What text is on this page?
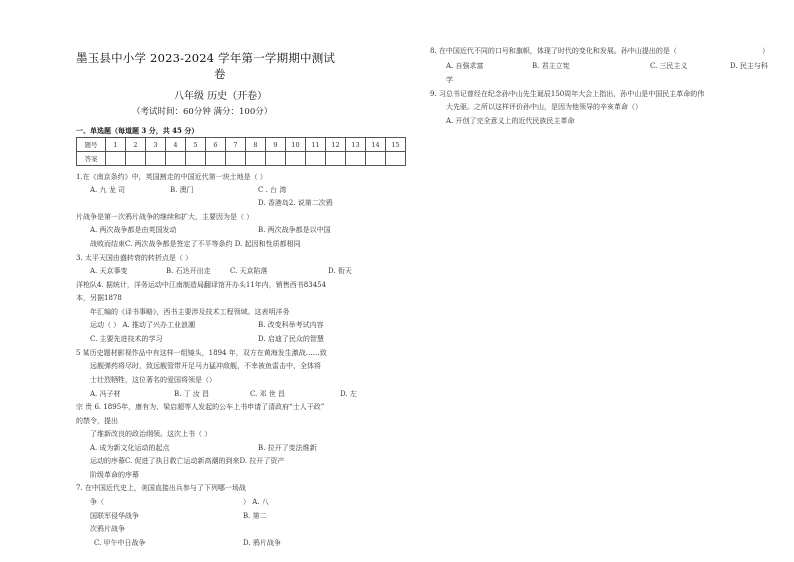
墨玉县中小学 2023-2024 学年第一学期期中测试
卷
八年级 历史（开卷）
（考试时间：60分钟 满分：100分）
一、单选题（每道题 3 分，共 45 分）
题号	1	2	3	4	5	6	7	8	9	10	11	12	13	14	15
答案															
1.在《南京条约》中，英国割走的中国近代第一块土地是（ ）
A. 九 龙 司	B. 澳门	C . 台 湾
D. 香港岛2. 说第二次鸦
片战争是第一次鸦片战争的继续和扩大，主要因为是（ ）
A. 两次战争都是由英国发动	B. 两次战争都是以中国
战败而结束C. 两次战争都是签定了不平等条约 D. 起因和性质都相同
3. 太平天国由盛转衰的转折点是（ ）
A. 天京事变	B. 石达开出走	C. 天京陷落	D. 衔天
洋枪队4. 据统计，洋务运动中江南制造局翻译馆开办头11年内，销售西书83454
本，另据1878
年汇编的《译书事略》，西书主要涉及技术工程领域。这表明洋务
运动（ ） A. 推动了兴办工业浪潮	B. 改变科举考试内容
C. 主要先进技术的学习	D. 启迪了民众的智慧
5 某历史题材影视作品中有这样一组镜头，1894 年，双方在黄海发生激战……致
远舰弹药将尽时，致远舰管带开足马力猛冲敌舰，不幸被鱼雷击中，全体将
士壮烈牺牲，这位著名的爱国将领是（）
A. 冯子材	B. 丁 汝 昌	C. 邓 世 昌	D. 左
宗 贵 6. 1895年，康有为、梁启超等人发起的公车上书申请了清政府“士人干政”
的禁令，提出
了维新改良的政治纲领。这次上书（ ）
A. 成为新文化运动的起点	B. 拉开了变法维新
运动的序幕C. 促进了执日救亡运动新高潮的到来D. 拉开了资产
阶级革命的序幕
7. 在中国近代史上，美国直接出兵参与了下列哪一场战
争（	） A. 八
国联军侵华战争	B. 第二
次鸦片战争
C. 甲午中日战争	D. 鸦片战争
8. 在中国近代不同的口号和旗帜，体现了时代的变化和发展。孙中山提出的是（	）
A. 自强求富	B. 君主立宪	C. 三民主义	D. 民主与科
学
9. 习总书记曾经在纪念孙中山先生诞辰150周年大会上指出，孙中山是中国民主革命的伟
大先驱。之所以这样评价孙中山，是因为他领导的辛亥革命（）
A. 开创了完全意义上的近代民族民主革命
